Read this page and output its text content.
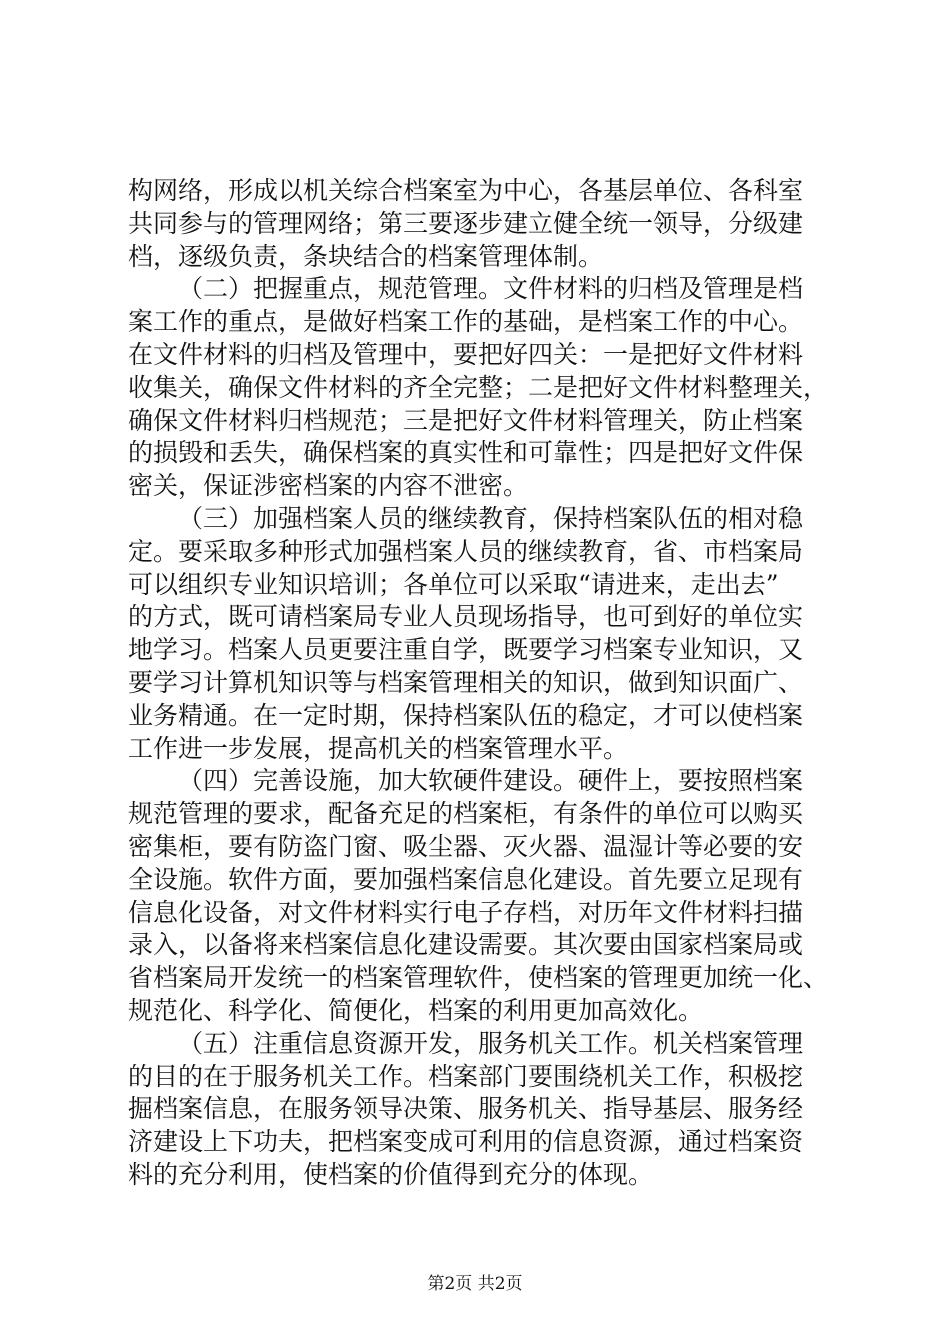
构网络，形成以机关综合档案室为中心，各基层单位、各科室
共同参与的管理网络；第三要逐步建立健全统一领导，分级建
档，逐级负责，条块结合的档案管理体制。
（二）把握重点，规范管理。文件材料的归档及管理是档
案工作的重点，是做好档案工作的基础，是档案工作的中心。
在文件材料的归档及管理中，要把好四关：一是把好文件材料
收集关，确保文件材料的齐全完整；二是把好文件材料整理关，
确保文件材料归档规范；三是把好文件材料管理关，防止档案
的损毁和丢失，确保档案的真实性和可靠性；四是把好文件保
密关，保证涉密档案的内容不泄密。
（三）加强档案人员的继续教育，保持档案队伍的相对稳
定。要采取多种形式加强档案人员的继续教育，省、市档案局
可以组织专业知识培训；各单位可以采取“请进来，走出去”
的方式，既可请档案局专业人员现场指导，也可到好的单位实
地学习。档案人员更要注重自学，既要学习档案专业知识，又
要学习计算机知识等与档案管理相关的知识，做到知识面广、
业务精通。在一定时期，保持档案队伍的稳定，才可以使档案
工作进一步发展，提高机关的档案管理水平。
（四）完善设施，加大软硬件建设。硬件上，要按照档案
规范管理的要求，配备充足的档案柜，有条件的单位可以购买
密集柜，要有防盗门窗、吸尘器、灭火器、温湿计等必要的安
全设施。软件方面，要加强档案信息化建设。首先要立足现有
信息化设备，对文件材料实行电子存档，对历年文件材料扫描
录入，以备将来档案信息化建设需要。其次要由国家档案局或
省档案局开发统一的档案管理软件，使档案的管理更加统一化、
规范化、科学化、简便化，档案的利用更加高效化。
（五）注重信息资源开发，服务机关工作。机关档案管理
的目的在于服务机关工作。档案部门要围绕机关工作，积极挖
掘档案信息，在服务领导决策、服务机关、指导基层、服务经
济建设上下功夫，把档案变成可利用的信息资源，通过档案资
料的充分利用，使档案的价值得到充分的体现。
第2页 共2页
